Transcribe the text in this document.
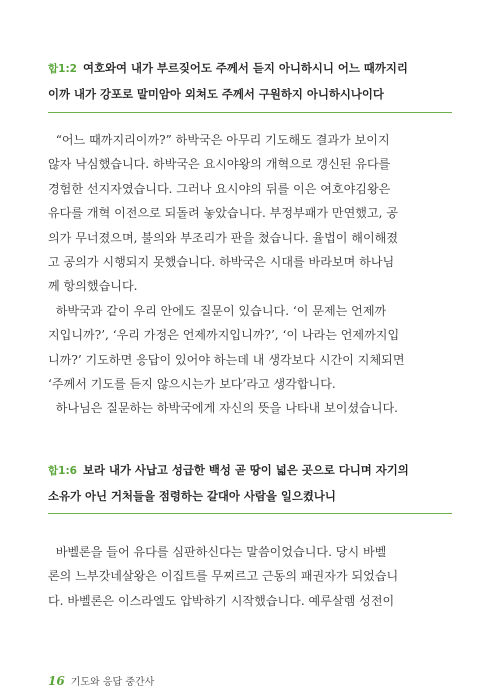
합1:2 여호와여 내가 부르짖어도 주께서 듣지 아니하시니 어느 때까지리
이까 내가 강포로 말미암아 외쳐도 주께서 구원하지 아니하시나이다
“어느 때까지리이까?” 하박국은 아무리 기도해도 결과가 보이지
않자 낙심했습니다. 하박국은 요시야왕의 개혁으로 갱신된 유다를
경험한 선지자였습니다. 그러나 요시야의 뒤를 이은 여호야김왕은
유다를 개혁 이전으로 되돌려 놓았습니다. 부정부패가 만연했고, 공
의가 무너졌으며, 불의와 부조리가 판을 쳤습니다. 율법이 해이해졌
고 공의가 시행되지 못했습니다. 하박국은 시대를 바라보며 하나님
께 항의했습니다.
하박국과 같이 우리 안에도 질문이 있습니다. ‘이 문제는 언제까
지입니까?’, ‘우리 가정은 언제까지입니까?’, ‘이 나라는 언제까지입
니까?’ 기도하면 응답이 있어야 하는데 내 생각보다 시간이 지체되면
‘주께서 기도를 듣지 않으시는가 보다’라고 생각합니다.
하나님은 질문하는 하박국에게 자신의 뜻을 나타내 보이셨습니다.
합1:6 보라 내가 사납고 성급한 백성 곧 땅이 넓은 곳으로 다니며 자기의
소유가 아닌 거처들을 점령하는 갈대아 사람을 일으켰나니
바벨론을 들어 유다를 심판하신다는 말씀이었습니다. 당시 바벨
론의 느부갓네살왕은 이집트를 무찌르고 근동의 패권자가 되었습니
다. 바벨론은 이스라엘도 압박하기 시작했습니다. 예루살렘 성전이
16 기도와 응답 중간사
